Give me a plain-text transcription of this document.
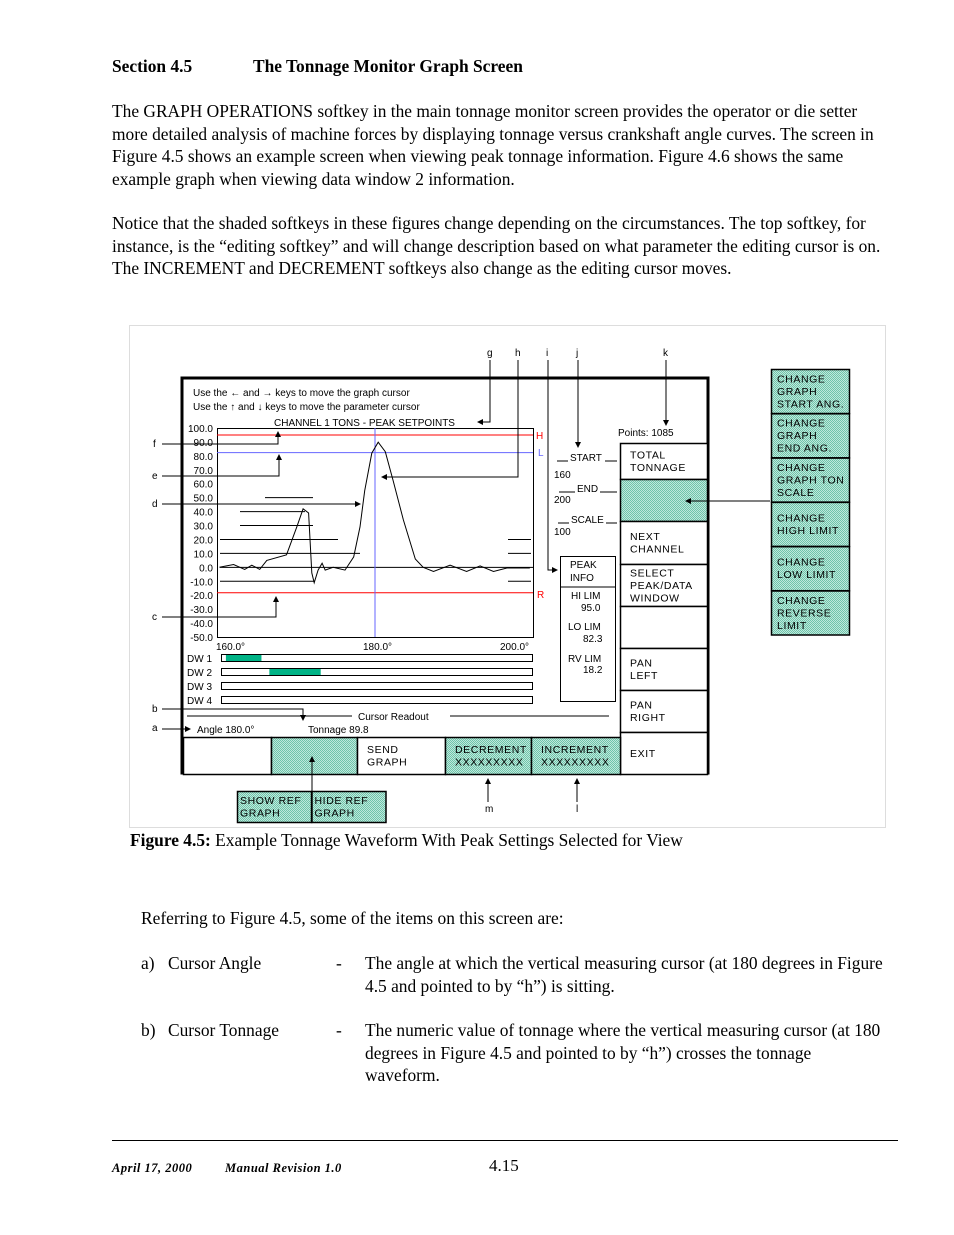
Section 4.5	The Tonnage Monitor Graph Screen
The GRAPH OPERATIONS softkey in the main tonnage monitor screen provides the operator or die setter more detailed analysis of machine forces by displaying tonnage versus crankshaft angle curves. The screen in Figure 4.5 shows an example screen when viewing peak tonnage information. Figure 4.6 shows the same example graph when viewing data window 2 information.
Notice that the shaded softkeys in these figures change depending on the circumstances. The top softkey, for instance, is the “editing softkey” and will change description based on what parameter the editing cursor is on. The INCREMENT and DECREMENT softkeys also change as the editing cursor moves.
Use the ← and → keys to move the graph cursor
Use the ↑ and ↓ keys to move the parameter cursor
CHANNEL 1 TONS - PEAK SETPOINTS
100.0
90.0
80.0
70.0
60.0
50.0
40.0
30.0
20.0
10.0
0.0
-10.0
-20.0
-30.0
-40.0
-50.0
160.0°	180.0°	200.0°
H
L
R
DW 1
DW 2
DW 3
DW 4
Cursor Readout
Angle 180.0°	Tonnage 89.8
Points: 1085
START
160
END
200
SCALE
100
PEAK
INFO
HI LIM
95.0
LO LIM
82.3
RV LIM
18.2
TOTAL
TONNAGE
NEXT
CHANNEL
SELECT
PEAK/DATA
WINDOW
PAN
LEFT
PAN
RIGHT
EXIT
SEND
GRAPH
DECREMENT
XXXXXXXXX
INCREMENT
XXXXXXXXX
CHANGE
GRAPH
START ANG.
CHANGE
GRAPH
END ANG.
CHANGE
GRAPH TON
SCALE
CHANGE
HIGH LIMIT
CHANGE
LOW LIMIT
CHANGE
REVERSE
LIMIT
SHOW REF
GRAPH
HIDE REF
GRAPH
a
b
c
d
e
f
g h	i	j	k
l
m
Figure 4.5: Example Tonnage Waveform With Peak Settings Selected for View
Referring to Figure 4.5, some of the items on this screen are:
a) Cursor Angle	-	The angle at which the vertical measuring cursor (at 180 degrees in Figure 4.5 and pointed to by “h”) is sitting.
b) Cursor Tonnage	-	The numeric value of tonnage where the vertical measuring cursor (at 180 degrees in Figure 4.5 and pointed to by “h”) crosses the tonnage waveform.
April 17, 2000	Manual Revision 1.0	4.15
